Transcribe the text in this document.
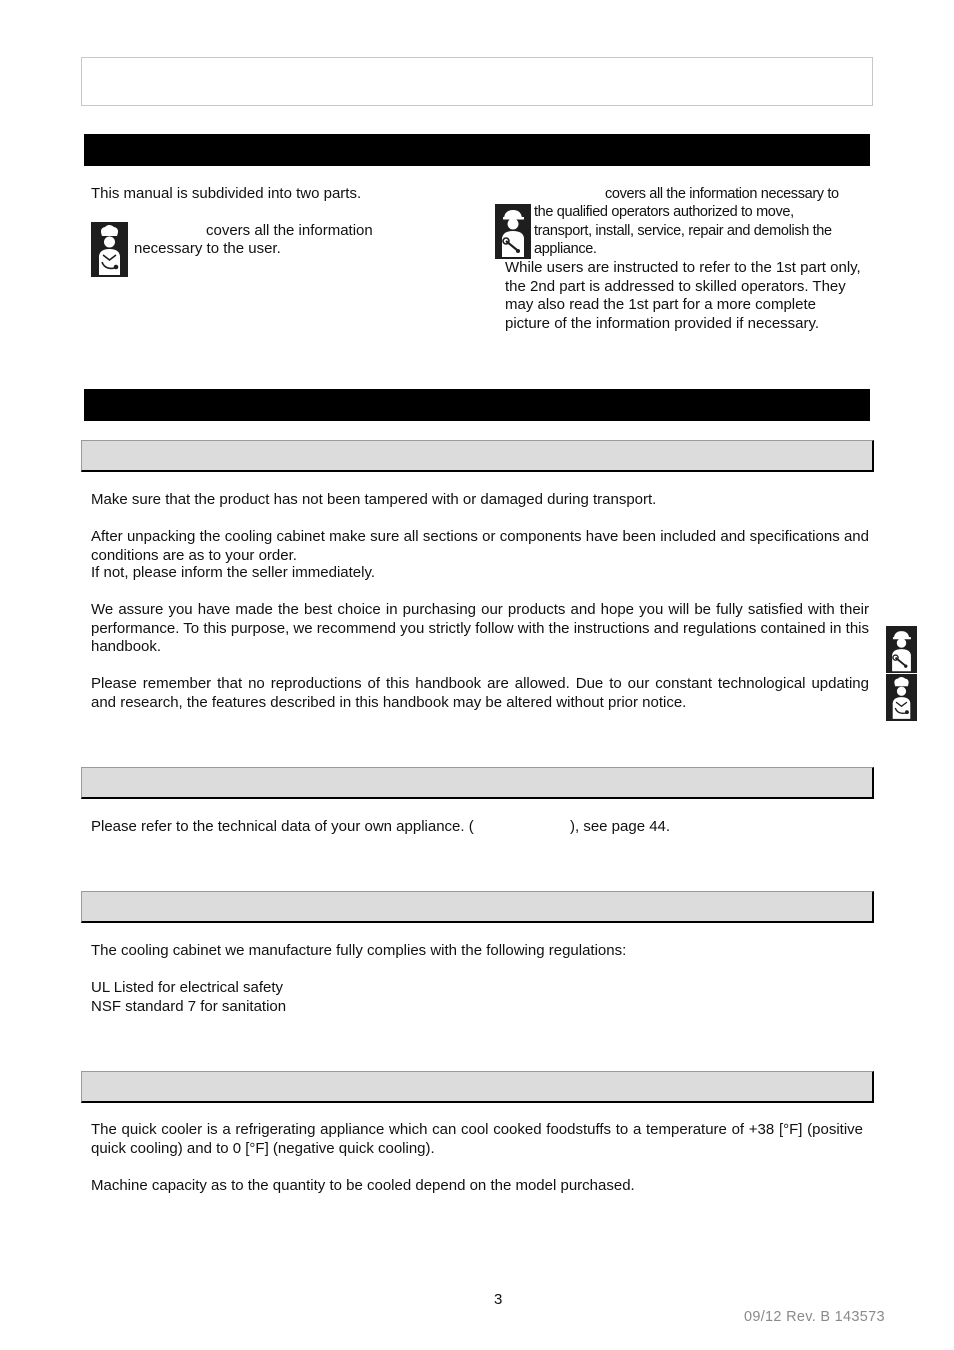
This manual is subdivided into two parts.
covers all the information
necessary to the user.
covers all the information necessary to
the qualified operators authorized to move,
transport, install, service, repair and demolish the
appliance.
While users are instructed to refer to the 1st part only, the 2nd part is addressed to skilled operators. They may also read the 1st part for a more complete picture of the information provided if necessary.
Make sure that the product has not been tampered with or damaged during transport.
After unpacking the cooling cabinet make sure all sections or components have been included and specifications and conditions are as to your order.
If not, please inform the seller immediately.
We assure you have made the best choice in purchasing our products and hope you will be fully satisfied with their performance. To this purpose, we recommend you strictly follow with the instructions and regulations contained in this handbook.
Please remember that no reproductions of this handbook are allowed. Due to our constant technological updating and research, the features described in this handbook may be altered without prior notice.
Please refer to the technical data of your own appliance. (	), see page 44.
The cooling cabinet we manufacture fully complies with the following regulations:
UL Listed for electrical safety
NSF standard 7 for sanitation
The quick cooler is a refrigerating appliance which can cool cooked foodstuffs to a temperature of +38 [°F] (positive quick cooling) and to 0 [°F] (negative quick cooling).
Machine capacity as to the quantity to be cooled depend on the model purchased.
3
09/12 Rev. B 143573
